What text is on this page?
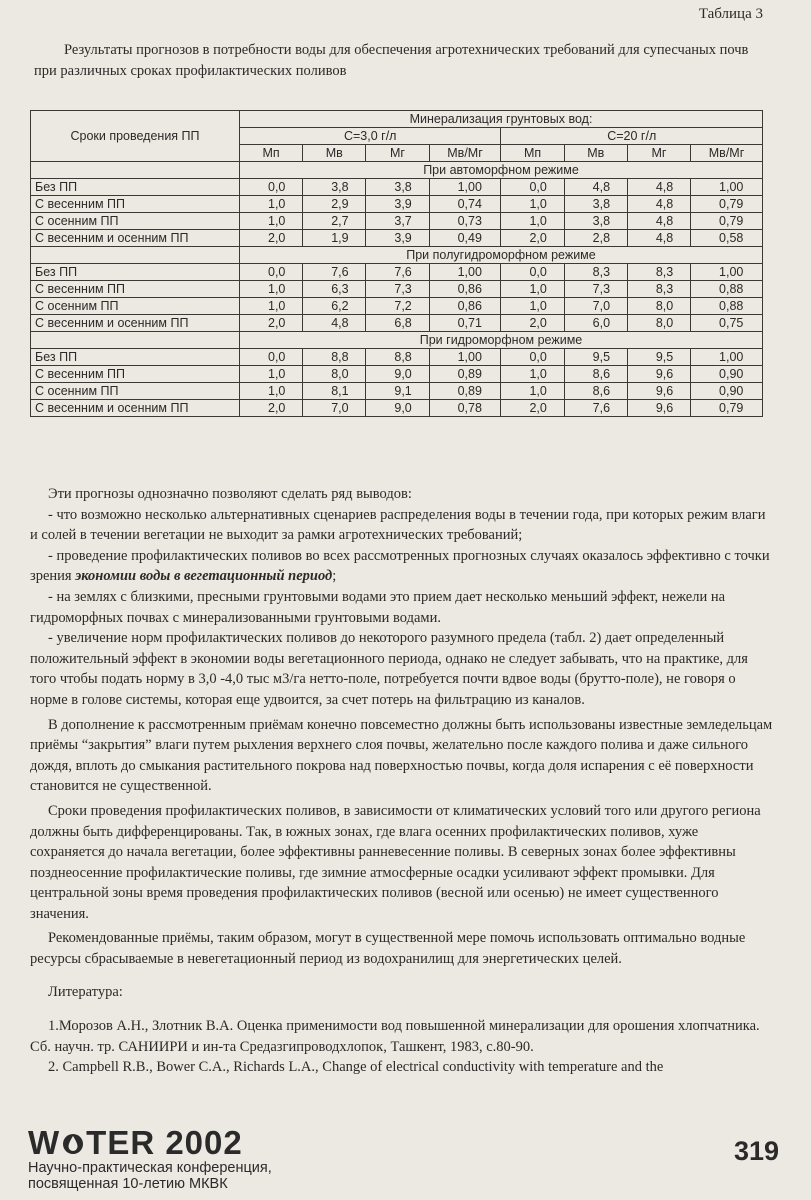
Таблица 3
Результаты прогнозов в потребности воды для обеспечения агротехнических требований для супесчаных почв при различных сроках профилактических поливов
Сроки проведения ПП	Минерализация грунтовых вод:							
	С=3,0 г/л				С=20 г/л			
	Мп	Мв	Мг	Мв/Мг	Мп	Мв	Мг	Мв/Мг
	При автоморфном режиме							
Без ПП	0,0	3,8	3,8	1,00	0,0	4,8	4,8	1,00
С весенним ПП	1,0	2,9	3,9	0,74	1,0	3,8	4,8	0,79
С осенним ПП	1,0	2,7	3,7	0,73	1,0	3,8	4,8	0,79
С весенним и осенним ПП	2,0	1,9	3,9	0,49	2,0	2,8	4,8	0,58
	При полугидроморфном режиме							
Без ПП	0,0	7,6	7,6	1,00	0,0	8,3	8,3	1,00
С весенним ПП	1,0	6,3	7,3	0,86	1,0	7,3	8,3	0,88
С осенним ПП	1,0	6,2	7,2	0,86	1,0	7,0	8,0	0,88
С весенним и осенним ПП	2,0	4,8	6,8	0,71	2,0	6,0	8,0	0,75
	При гидроморфном режиме							
Без ПП	0,0	8,8	8,8	1,00	0,0	9,5	9,5	1,00
С весенним ПП	1,0	8,0	9,0	0,89	1,0	8,6	9,6	0,90
С осенним ПП	1,0	8,1	9,1	0,89	1,0	8,6	9,6	0,90
С весенним и осенним ПП	2,0	7,0	9,0	0,78	2,0	7,6	9,6	0,79

Эти прогнозы однозначно позволяют сделать ряд выводов:

- что возможно несколько альтернативных сценариев распределения воды в течении года, при которых режим влаги и солей в течении вегетации не выходит за рамки агротехнических требований;

- проведение профилактических поливов во всех рассмотренных прогнозных случаях оказалось эффективно с точки зрения экономии воды в вегетационный период;

- на землях с близкими, пресными грунтовыми водами это прием дает несколько меньший эффект, нежели на гидроморфных почвах с минерализованными грунтовыми водами.

- увеличение норм профилактических поливов до некоторого разумного предела (табл. 2) дает определенный положительный эффект в экономии воды вегетационного периода, однако не следует забывать, что на практике, для того чтобы подать норму в 3,0 -4,0 тыс м3/га нетто-поле, потребуется почти вдвое воды (брутто-поле), не говоря о норме в голове системы, которая еще удвоится, за счет потерь на фильтрацию из каналов.

В дополнение к рассмотренным приёмам конечно повсеместно должны быть использованы известные земледельцам приёмы “закрытия” влаги путем рыхления верхнего слоя почвы, желательно после каждого полива и даже сильного дождя, вплоть до смыкания растительного покрова над поверхностью почвы, когда доля испарения с её поверхности становится не существенной.

Сроки проведения профилактических поливов, в зависимости от климатических условий того или другого региона должны быть дифференцированы. Так, в южных зонах, где влага осенних профилактических поливов, хуже сохраняется до начала вегетации, более эффективны ранневесенние поливы. В северных зонах более эффективны позднеосенние профилактические поливы, где зимние атмосферные осадки усиливают эффект промывки. Для центральной зоны время проведения профилактических поливов (весной или осенью) не имеет существенного значения.

Рекомендованные приёмы, таким образом, могут в существенной мере помочь использовать оптимально водные ресурсы сбрасываемые в невегетационный период из водохранилищ для энергетических целей.

Литература:

1.Морозов А.Н., Злотник В.А. Оценка применимости вод повышенной минерализации для орошения хлопчатника. Сб. научн. тр. САНИИРИ и ин-та Средазгипроводхлопок, Ташкент, 1983, с.80-90.

2. Campbell R.B., Bower C.A., Richards L.A., Change of electrical conductivity with temperature and the

W TER 2002
Научно-практическая конференция,
посвященная 10-летию МКВК
319
